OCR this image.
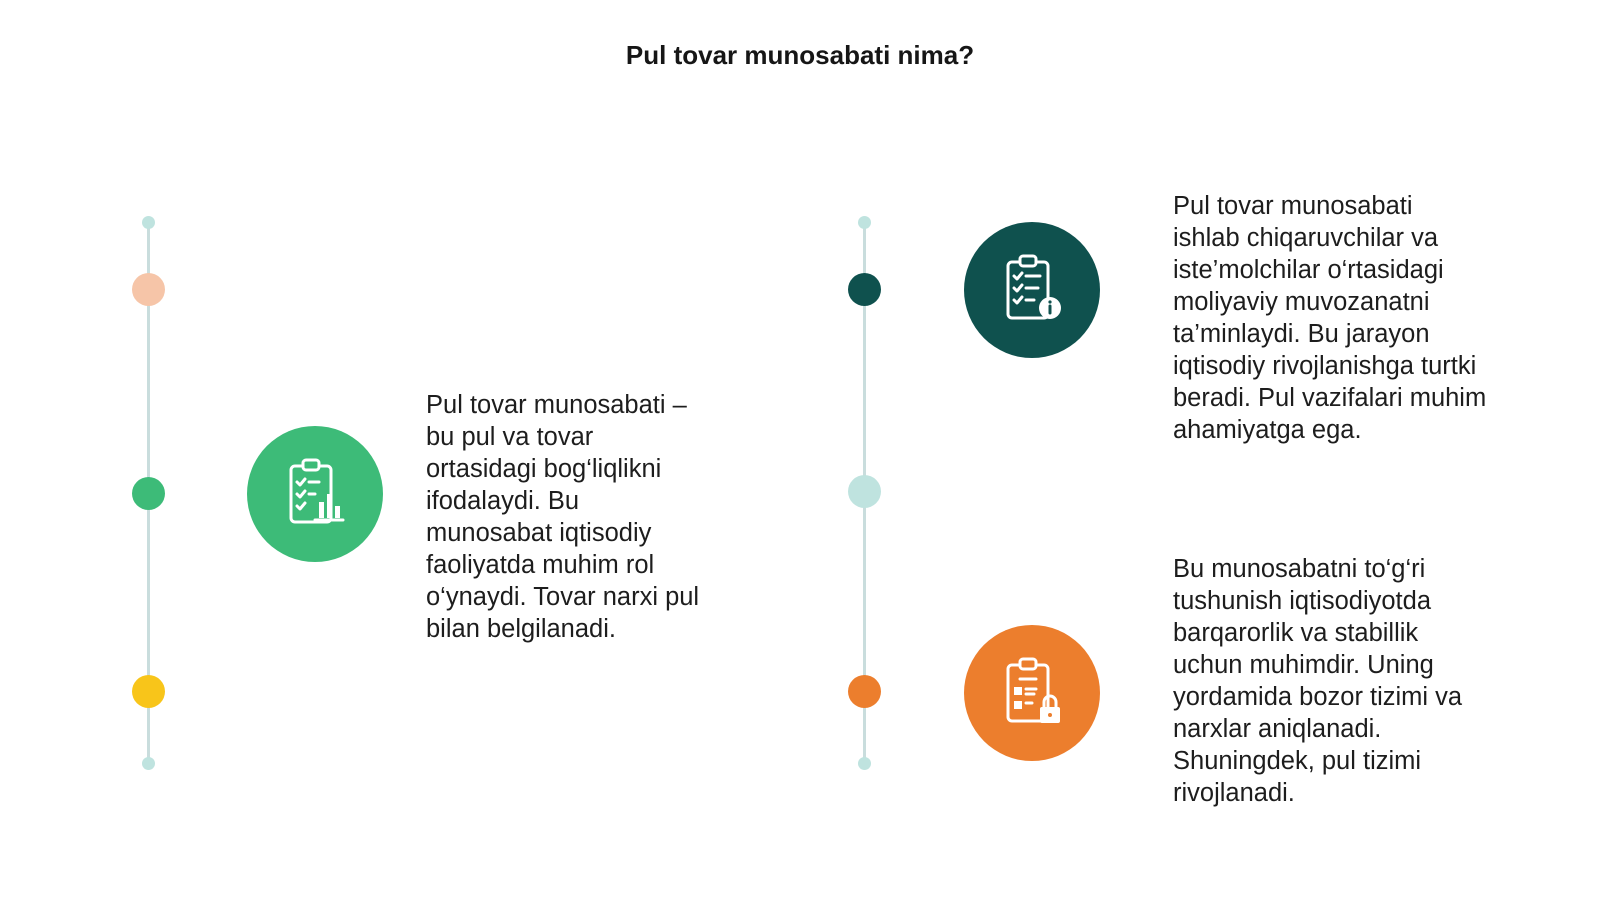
Pul tovar munosabati nima?
Pul tovar munosabati –
bu pul va tovar
ortasidagi bog‘liqlikni
ifodalaydi. Bu
munosabat iqtisodiy
faoliyatda muhim rol
o‘ynaydi. Tovar narxi pul
bilan belgilanadi.
Pul tovar munosabati
ishlab chiqaruvchilar va
iste’molchilar o‘rtasidagi
moliyaviy muvozanatni
ta’minlaydi. Bu jarayon
iqtisodiy rivojlanishga turtki
beradi. Pul vazifalari muhim
ahamiyatga ega.
Bu munosabatni to‘g‘ri
tushunish iqtisodiyotda
barqarorlik va stabillik
uchun muhimdir. Uning
yordamida bozor tizimi va
narxlar aniqlanadi.
Shuningdek, pul tizimi
rivojlanadi.
